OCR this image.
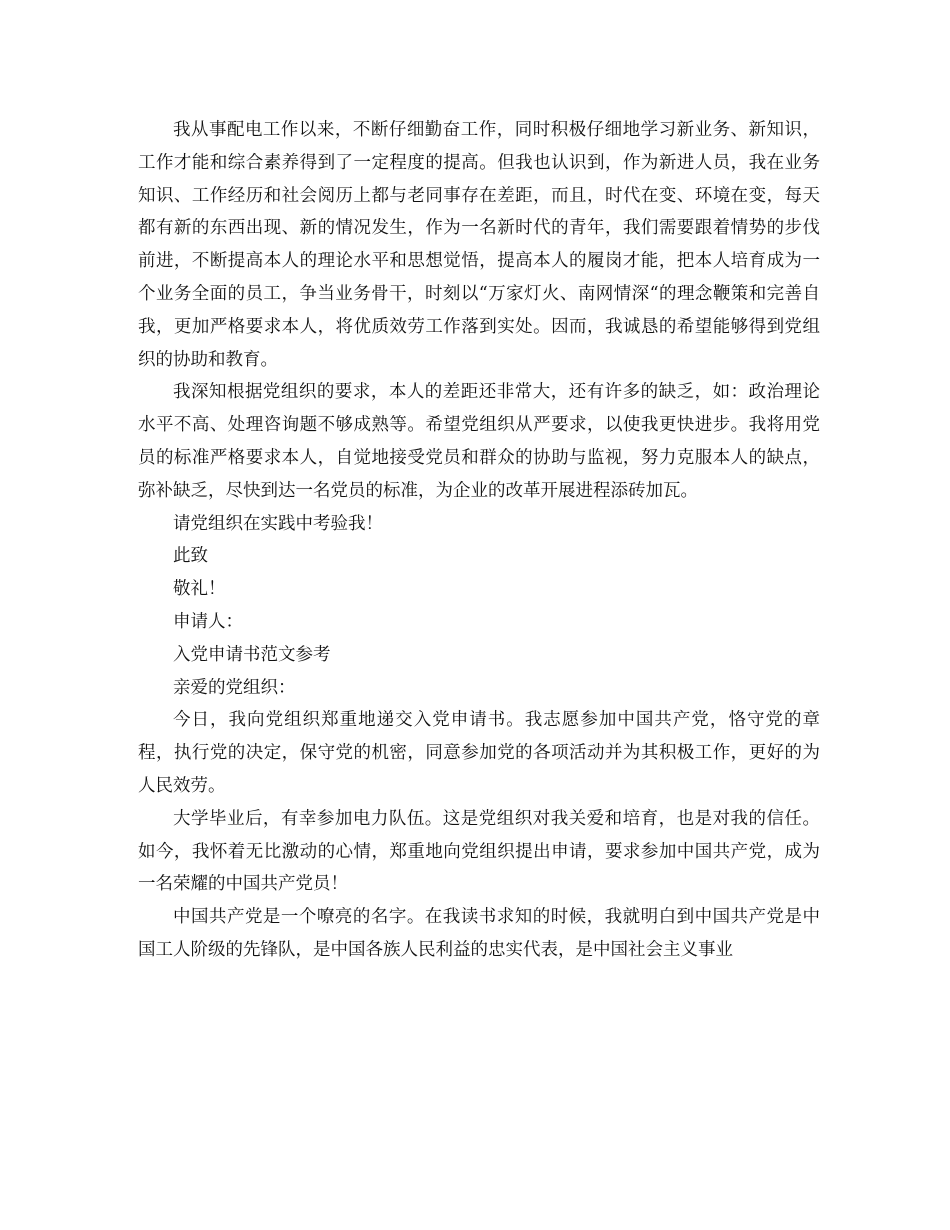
我从事配电工作以来，不断仔细勤奋工作，同时积极仔细地学习新业务、新知识，工作才能和综合素养得到了一定程度的提高。但我也认识到，作为新进人员，我在业务知识、工作经历和社会阅历上都与老同事存在差距，而且，时代在变、环境在变，每天都有新的东西出现、新的情况发生，作为一名新时代的青年，我们需要跟着情势的步伐前进，不断提高本人的理论水平和思想觉悟，提高本人的履岗才能，把本人培育成为一个业务全面的员工，争当业务骨干，时刻以“万家灯火、南网情深“的理念鞭策和完善自我，更加严格要求本人，将优质效劳工作落到实处。因而，我诚恳的希望能够得到党组织的协助和教育。

我深知根据党组织的要求，本人的差距还非常大，还有许多的缺乏，如：政治理论水平不高、处理咨询题不够成熟等。希望党组织从严要求，以使我更快进步。我将用党员的标准严格要求本人，自觉地接受党员和群众的协助与监视，努力克服本人的缺点，弥补缺乏，尽快到达一名党员的标准，为企业的改革开展进程添砖加瓦。

请党组织在实践中考验我！

此致

敬礼！

申请人：

入党申请书范文参考

亲爱的党组织：

今日，我向党组织郑重地递交入党申请书。我志愿参加中国共产党，恪守党的章程，执行党的决定，保守党的机密，同意参加党的各项活动并为其积极工作，更好的为人民效劳。

大学毕业后，有幸参加电力队伍。这是党组织对我关爱和培育，也是对我的信任。如今，我怀着无比激动的心情，郑重地向党组织提出申请，要求参加中国共产党，成为一名荣耀的中国共产党员！

中国共产党是一个嘹亮的名字。在我读书求知的时候，我就明白到中国共产党是中国工人阶级的先锋队，是中国各族人民利益的忠实代表，是中国社会主义事业
